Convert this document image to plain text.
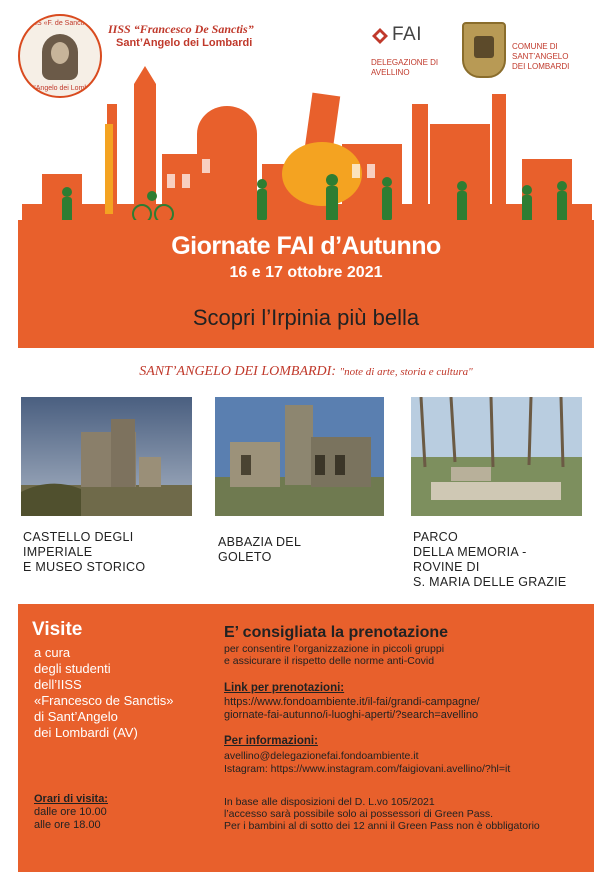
IISS «F. de Sanctis»
Sant'Angelo dei Lombardi
IISS “Francesco De Sanctis”
Sant’Angelo dei Lombardi	FAI
DELEGAZIONE DI AVELLINO
COMUNE DI SANT’ANGELO DEI LOMBARDI
Giornate FAI d’Autunno
16 e 17 ottobre 2021
Scopri l’Irpinia più bella
SANT’ANGELO DEI LOMBARDI: "note di arte, storia e cultura"
CASTELLO DEGLI
IMPERIALE
E MUSEO STORICO
ABBAZIA DEL
GOLETO
PARCO
DELLA MEMORIA -
ROVINE DI
S. MARIA DELLE GRAZIE
Visite
a cura
degli studenti
dell’IISS
«Francesco de Sanctis»
di Sant’Angelo
dei Lombardi (AV)
Orari di visita:
dalle ore 10.00
alle ore 18.00
E’ consigliata la prenotazione
per consentire l’organizzazione in piccoli gruppi
e assicurare il rispetto delle norme anti-Covid
Link per prenotazioni:
https://www.fondoambiente.it/il-fai/grandi-campagne/
giornate-fai-autunno/i-luoghi-aperti/?search=avellino
Per informazioni:
avellino@delegazionefai.fondoambiente.it
Istagram: https://www.instagram.com/faigiovani.avellino/?hl=it
In base alle disposizioni del D. L.vo 105/2021
l’accesso sarà possibile solo ai possessori di Green Pass.
Per i bambini al di sotto dei 12 anni il Green Pass non è obbligatorio
